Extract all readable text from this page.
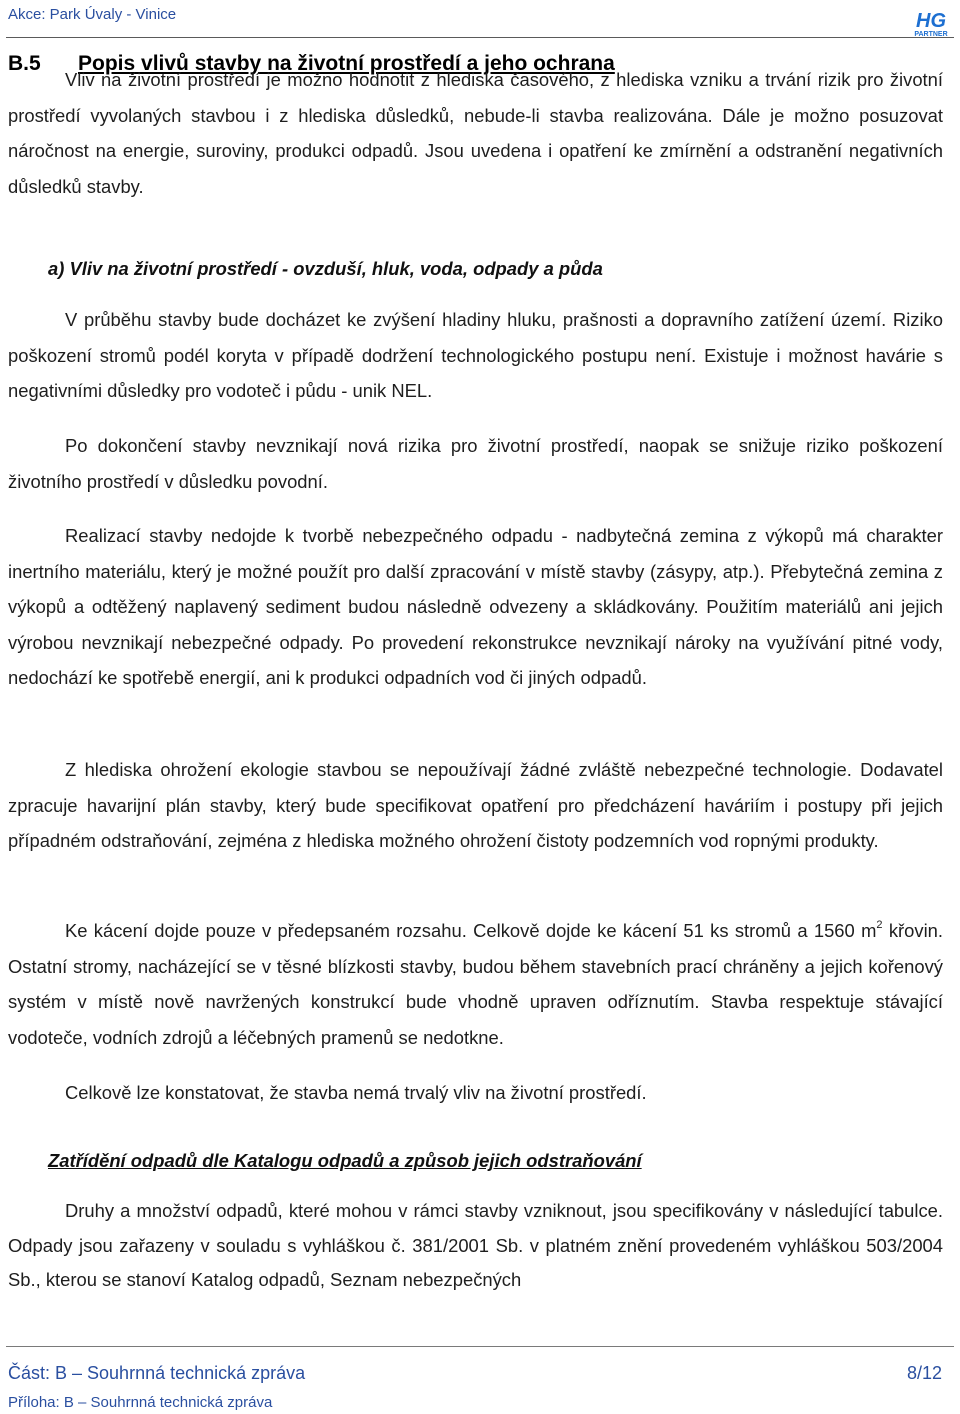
Akce: Park Úvaly - Vinice	HG
PARTNER
B.5 Popis vlivů stavby na životní prostředí a jeho ochrana

Vliv na životní prostředí je možno hodnotit z hlediska časového, z hlediska vzniku a trvání rizik pro životní prostředí vyvolaných stavbou i z hlediska důsledků, nebude-li stavba realizována. Dále je možno posuzovat náročnost na energie, suroviny, produkci odpadů. Jsou uvedena i opatření ke zmírnění a odstranění negativních důsledků stavby.

a) Vliv na životní prostředí - ovzduší, hluk, voda, odpady a půda

V průběhu stavby bude docházet ke zvýšení hladiny hluku, prašnosti a dopravního zatížení území. Riziko poškození stromů podél koryta v případě dodržení technologického postupu není. Existuje i možnost havárie s negativními důsledky pro vodoteč i půdu - unik NEL.

Po dokončení stavby nevznikají nová rizika pro životní prostředí, naopak se snižuje riziko poškození životního prostředí v důsledku povodní.

Realizací stavby nedojde k tvorbě nebezpečného odpadu - nadbytečná zemina z výkopů má charakter inertního materiálu, který je možné použít pro další zpracování v místě stavby (zásypy, atp.). Přebytečná zemina z výkopů a odtěžený naplavený sediment budou následně odvezeny a skládkovány. Použitím materiálů ani jejich výrobou nevznikají nebezpečné odpady. Po provedení rekonstrukce nevznikají nároky na využívání pitné vody, nedochází ke spotřebě energií, ani k produkci odpadních vod či jiných odpadů.

Z hlediska ohrožení ekologie stavbou se nepoužívají žádné zvláště nebezpečné technologie. Dodavatel zpracuje havarijní plán stavby, který bude specifikovat opatření pro předcházení haváriím i postupy při jejich případném odstraňování, zejména z hlediska možného ohrožení čistoty podzemních vod ropnými produkty.

Ke kácení dojde pouze v předepsaném rozsahu. Celkově dojde ke kácení 51 ks stromů a 1560 $m^2$ křovin. Ostatní stromy, nacházející se v těsné blízkosti stavby, budou během stavebních prací chráněny a jejich kořenový systém v místě nově navržených konstrukcí bude vhodně upraven odříznutím. Stavba respektuje stávající vodoteče, vodních zdrojů a léčebných pramenů se nedotkne.

Celkově lze konstatovat, že stavba nemá trvalý vliv na životní prostředí.

Zatřídění odpadů dle Katalogu odpadů a způsob jejich odstraňování

Druhy a množství odpadů, které mohou v rámci stavby vzniknout, jsou specifikovány v následující tabulce. Odpady jsou zařazeny v souladu s vyhláškou č. 381/2001 Sb. v platném znění provedeném vyhláškou 503/2004 Sb., kterou se stanoví Katalog odpadů, Seznam nebezpečných

Část: B – Souhrnná technická zpráva	8/12
Příloha: B – Souhrnná technická zpráva
